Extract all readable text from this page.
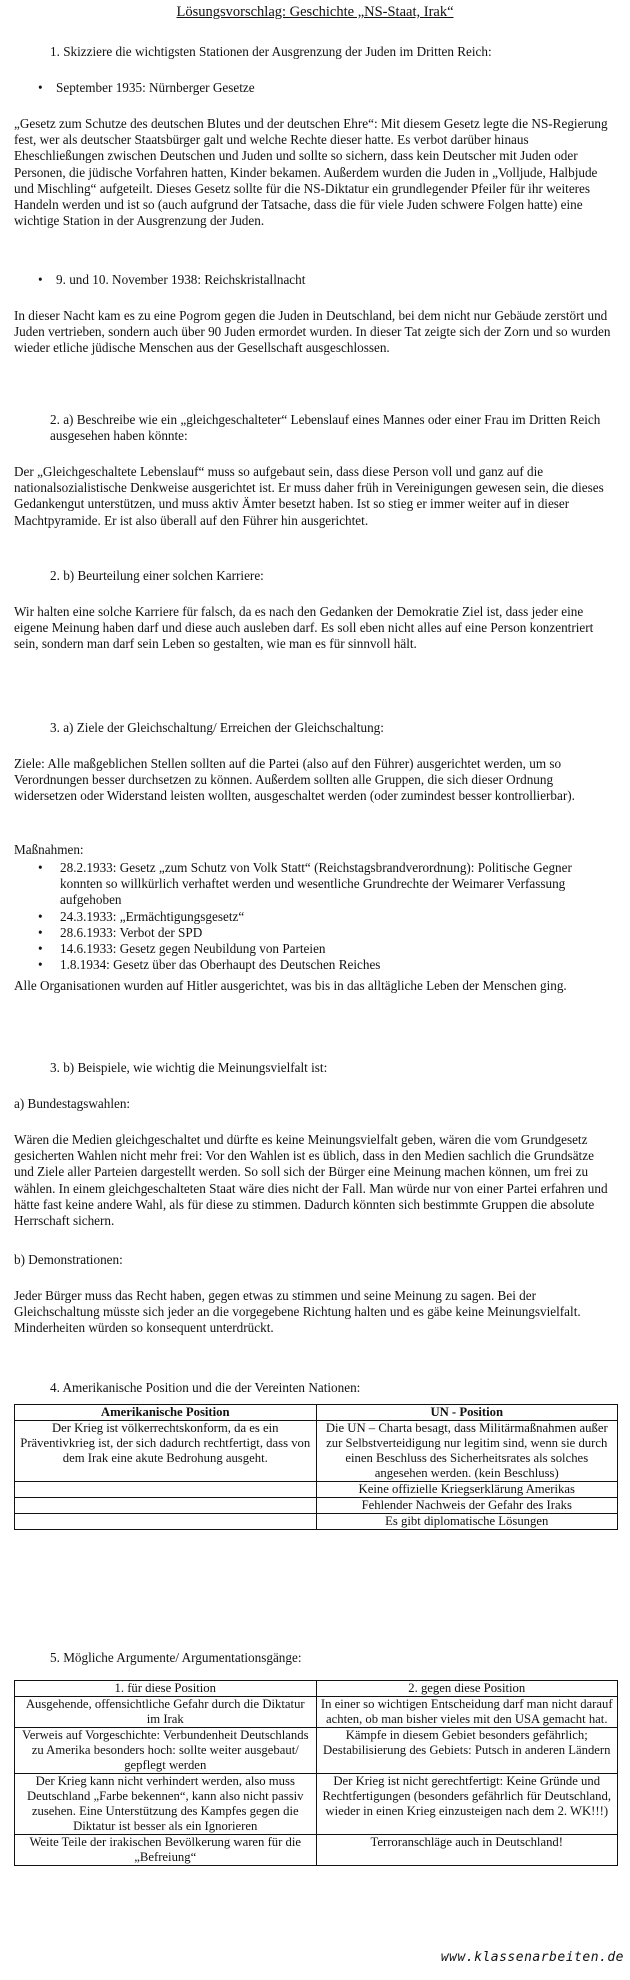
Lösungsvorschlag: Geschichte „NS-Staat, Irak“
1. Skizziere die wichtigsten Stationen der Ausgrenzung der Juden im Dritten Reich:
• September 1935: Nürnberger Gesetze
„Gesetz zum Schutze des deutschen Blutes und der deutschen Ehre“: Mit diesem Gesetz legte die NS-Regierung fest, wer als deutscher Staatsbürger galt und welche Rechte dieser hatte. Es verbot darüber hinaus Eheschließungen zwischen Deutschen und Juden und sollte so sichern, dass kein Deutscher mit Juden oder Personen, die jüdische Vorfahren hatten, Kinder bekamen. Außerdem wurden die Juden in „Volljude, Halbjude und Mischling“ aufgeteilt. Dieses Gesetz sollte für die NS-Diktatur ein grundlegender Pfeiler für ihr weiteres Handeln werden und ist so (auch aufgrund der Tatsache, dass die für viele Juden schwere Folgen hatte) eine wichtige Station in der Ausgrenzung der Juden.
• 9. und 10. November 1938: Reichskristallnacht
In dieser Nacht kam es zu eine Pogrom gegen die Juden in Deutschland, bei dem nicht nur Gebäude zerstört und Juden vertrieben, sondern auch über 90 Juden ermordet wurden. In dieser Tat zeigte sich der Zorn und so wurden wieder etliche jüdische Menschen aus der Gesellschaft ausgeschlossen.
2. a) Beschreibe wie ein „gleichgeschalteter“ Lebenslauf eines Mannes oder einer Frau im Dritten Reich ausgesehen haben könnte:
Der „Gleichgeschaltete Lebenslauf“ muss so aufgebaut sein, dass diese Person voll und ganz auf die nationalsozialistische Denkweise ausgerichtet ist. Er muss daher früh in Vereinigungen gewesen sein, die dieses Gedankengut unterstützen, und muss aktiv Ämter besetzt haben. Ist so stieg er immer weiter auf in dieser Machtpyramide. Er ist also überall auf den Führer hin ausgerichtet.
2. b) Beurteilung einer solchen Karriere:
Wir halten eine solche Karriere für falsch, da es nach den Gedanken der Demokratie Ziel ist, dass jeder eine eigene Meinung haben darf und diese auch ausleben darf. Es soll eben nicht alles auf eine Person konzentriert sein, sondern man darf sein Leben so gestalten, wie man es für sinnvoll hält.
3. a) Ziele der Gleichschaltung/ Erreichen der Gleichschaltung:
Ziele: Alle maßgeblichen Stellen sollten auf die Partei (also auf den Führer) ausgerichtet werden, um so Verordnungen besser durchsetzen zu können. Außerdem sollten alle Gruppen, die sich dieser Ordnung widersetzen oder Widerstand leisten wollten, ausgeschaltet werden (oder zumindest besser kontrollierbar).
Maßnahmen:
• 28.2.1933: Gesetz „zum Schutz von Volk Statt“ (Reichstagsbrandverordnung): Politische Gegner konnten so willkürlich verhaftet werden und wesentliche Grundrechte der Weimarer Verfassung aufgehoben
• 24.3.1933: „Ermächtigungsgesetz“
• 28.6.1933: Verbot der SPD
• 14.6.1933: Gesetz gegen Neubildung von Parteien
• 1.8.1934: Gesetz über das Oberhaupt des Deutschen Reiches
Alle Organisationen wurden auf Hitler ausgerichtet, was bis in das alltägliche Leben der Menschen ging.
3. b) Beispiele, wie wichtig die Meinungsvielfalt ist:
a) Bundestagswahlen:
Wären die Medien gleichgeschaltet und dürfte es keine Meinungsvielfalt geben, wären die vom Grundgesetz gesicherten Wahlen nicht mehr frei: Vor den Wahlen ist es üblich, dass in den Medien sachlich die Grundsätze und Ziele aller Parteien dargestellt werden. So soll sich der Bürger eine Meinung machen können, um frei zu wählen. In einem gleichgeschalteten Staat wäre dies nicht der Fall. Man würde nur von einer Partei erfahren und hätte fast keine andere Wahl, als für diese zu stimmen. Dadurch könnten sich bestimmte Gruppen die absolute Herrschaft sichern.
b) Demonstrationen:
Jeder Bürger muss das Recht haben, gegen etwas zu stimmen und seine Meinung zu sagen. Bei der Gleichschaltung müsste sich jeder an die vorgegebene Richtung halten und es gäbe keine Meinungsvielfalt. Minderheiten würden so konsequent unterdrückt.
4. Amerikanische Position und die der Vereinten Nationen:
Amerikanische Position	UN - Position
Der Krieg ist völkerrechtskonform, da es ein Präventivkrieg ist, der sich dadurch rechtfertigt, dass von dem Irak eine akute Bedrohung ausgeht.	Die UN – Charta besagt, dass Militärmaßnahmen außer zur Selbstverteidigung nur legitim sind, wenn sie durch einen Beschluss des Sicherheitsrates als solches angesehen werden. (kein Beschluss)
	Keine offizielle Kriegserklärung Amerikas
	Fehlender Nachweis der Gefahr des Iraks
	Es gibt diplomatische Lösungen
5. Mögliche Argumente/ Argumentationsgänge:
1. für diese Position	2. gegen diese Position
Ausgehende, offensichtliche Gefahr durch die Diktatur im Irak	In einer so wichtigen Entscheidung darf man nicht darauf achten, ob man bisher vieles mit den USA gemacht hat.
Verweis auf Vorgeschichte: Verbundenheit Deutschlands zu Amerika besonders hoch: sollte weiter ausgebaut/ gepflegt werden	Kämpfe in diesem Gebiet besonders gefährlich; Destabilisierung des Gebiets: Putsch in anderen Ländern
Der Krieg kann nicht verhindert werden, also muss Deutschland „Farbe bekennen“, kann also nicht passiv zusehen. Eine Unterstützung des Kampfes gegen die Diktatur ist besser als ein Ignorieren	Der Krieg ist nicht gerechtfertigt: Keine Gründe und Rechtfertigungen (besonders gefährlich für Deutschland, wieder in einen Krieg einzusteigen nach dem 2. WK!!!)
Weite Teile der irakischen Bevölkerung waren für die „Befreiung“	Terroranschläge auch in Deutschland!
www.klassenarbeiten.de
